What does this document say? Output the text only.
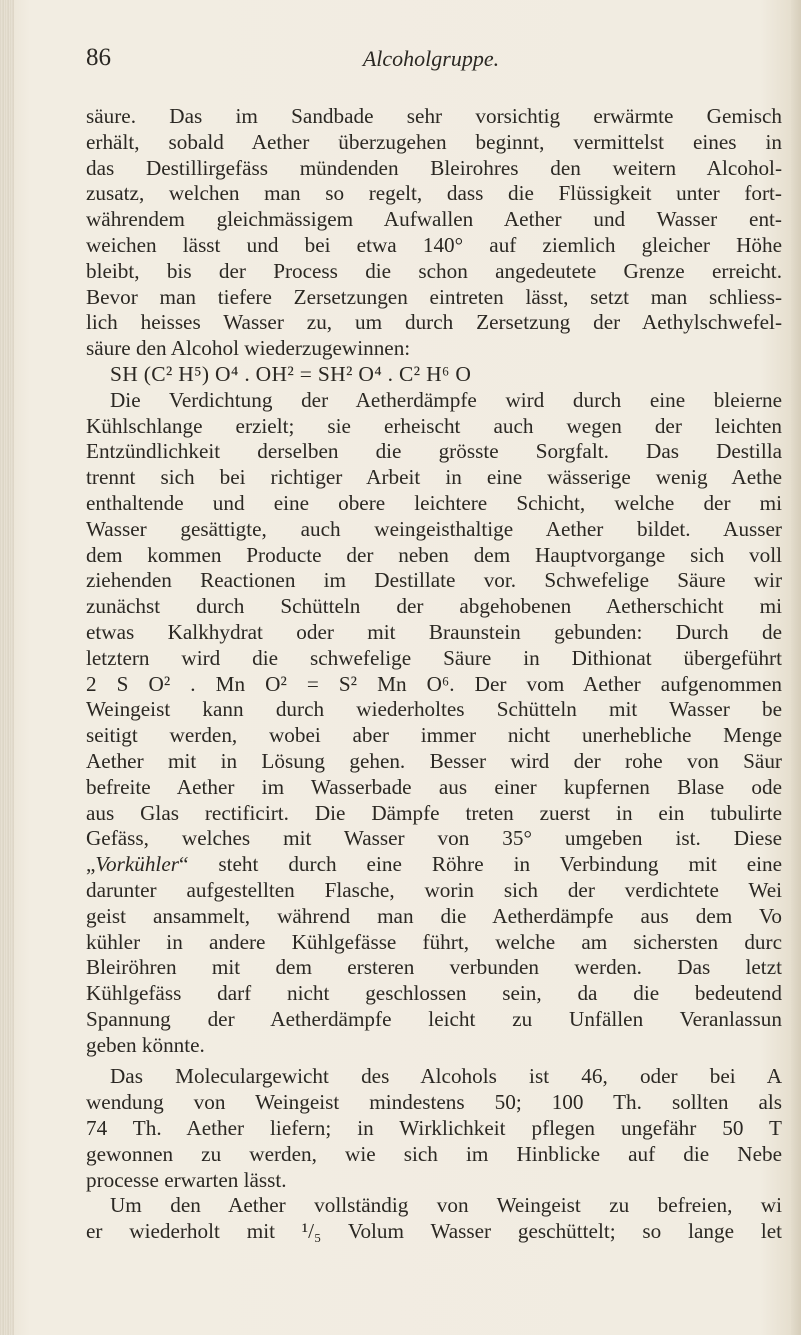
86	Alcoholgruppe.
säure. Das im Sandbade sehr vorsichtig erwärmte Gemisch
erhält, sobald Aether überzugehen beginnt, vermittelst eines in
das Destillirgefäss mündenden Bleirohres den weitern Alcohol-
zusatz, welchen man so regelt, dass die Flüssigkeit unter fort-
währendem gleichmässigem Aufwallen Aether und Wasser ent-
weichen lässt und bei etwa 140° auf ziemlich gleicher Höhe
bleibt, bis der Process die schon angedeutete Grenze erreicht.
Bevor man tiefere Zersetzungen eintreten lässt, setzt man schliess-
lich heisses Wasser zu, um durch Zersetzung der Aethylschwefel-
säure den Alcohol wiederzugewinnen:
SH (C² H⁵) O⁴ . OH² = SH² O⁴ . C² H⁶ O
Die Verdichtung der Aetherdämpfe wird durch eine bleierne
Kühlschlange erzielt; sie erheischt auch wegen der leichten
Entzündlichkeit derselben die grösste Sorgfalt. Das Destilla
trennt sich bei richtiger Arbeit in eine wässerige wenig Aethe
enthaltende und eine obere leichtere Schicht, welche der mi
Wasser gesättigte, auch weingeisthaltige Aether bildet. Ausser
dem kommen Producte der neben dem Hauptvorgange sich voll
ziehenden Reactionen im Destillate vor. Schwefelige Säure wir
zunächst durch Schütteln der abgehobenen Aetherschicht mi
etwas Kalkhydrat oder mit Braunstein gebunden: Durch de
letztern wird die schwefelige Säure in Dithionat übergeführt
2 S O² . Mn O² = S² Mn O⁶. Der vom Aether aufgenommen
Weingeist kann durch wiederholtes Schütteln mit Wasser be
seitigt werden, wobei aber immer nicht unerhebliche Menge
Aether mit in Lösung gehen. Besser wird der rohe von Säur
befreite Aether im Wasserbade aus einer kupfernen Blase ode
aus Glas rectificirt. Die Dämpfe treten zuerst in ein tubulirte
Gefäss, welches mit Wasser von 35° umgeben ist. Diese
„Vorkühler“ steht durch eine Röhre in Verbindung mit eine
darunter aufgestellten Flasche, worin sich der verdichtete Wei
geist ansammelt, während man die Aetherdämpfe aus dem Vo
kühler in andere Kühlgefässe führt, welche am sichersten durc
Bleiröhren mit dem ersteren verbunden werden. Das letzt
Kühlgefäss darf nicht geschlossen sein, da die bedeutend
Spannung der Aetherdämpfe leicht zu Unfällen Veranlassun
geben könnte.
Das Moleculargewicht des Alcohols ist 46, oder bei A
wendung von Weingeist mindestens 50; 100 Th. sollten als
74 Th. Aether liefern; in Wirklichkeit pflegen ungefähr 50 T
gewonnen zu werden, wie sich im Hinblicke auf die Nebe
processe erwarten lässt.
Um den Aether vollständig von Weingeist zu befreien, wi
er wiederholt mit ¹/₅ Volum Wasser geschüttelt; so lange let
